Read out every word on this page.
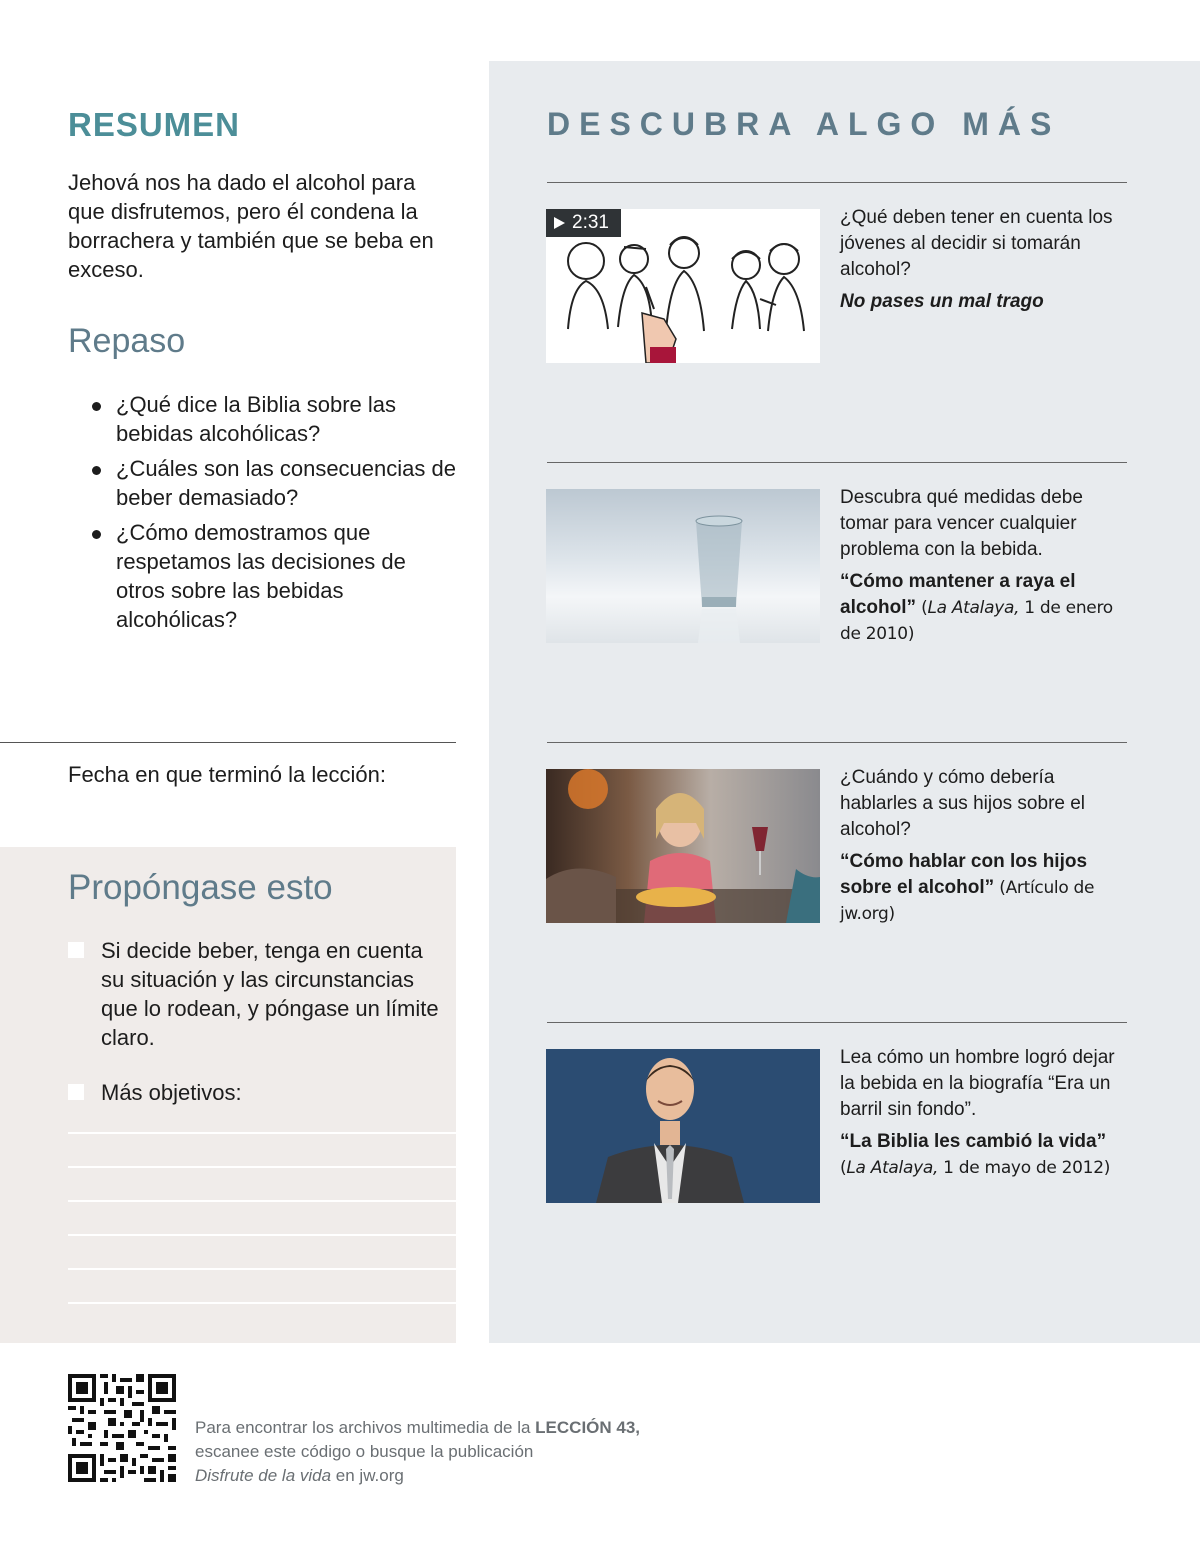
RESUMEN
Jehová nos ha dado el alcohol para que disfrutemos, pero él condena la borrachera y también que se beba en exceso.
Repaso
¿Qué dice la Biblia sobre las bebidas alcohólicas?
¿Cuáles son las consecuencias de beber demasiado?
¿Cómo demostramos que respetamos las decisiones de otros sobre las bebidas alcohólicas?
Fecha en que terminó la lección:
Propóngase esto
Si decide beber, tenga en cuenta su situación y las circunstancias que lo rodean, y póngase un límite claro.
Más objetivos:
DESCUBRA ALGO MÁS
2:31	¿Qué deben tener en cuenta los jóvenes al decidir si tomarán alcohol?
No pases un mal trago
Descubra qué medidas debe tomar para vencer cualquier problema con la bebida.
“Cómo mantener a raya el alcohol” (La Atalaya, 1 de enero de 2010)
¿Cuándo y cómo debería hablarles a sus hijos sobre el alcohol?
“Cómo hablar con los hijos sobre el alcohol” (Artículo de jw.org)
Lea cómo un hombre logró dejar la bebida en la biografía “Era un barril sin fondo”.
“La Biblia les cambió la vida”
(La Atalaya, 1 de mayo de 2012)
Para encontrar los archivos multimedia de la LECCIÓN 43,
escanee este código o busque la publicación
Disfrute de la vida en jw.org
